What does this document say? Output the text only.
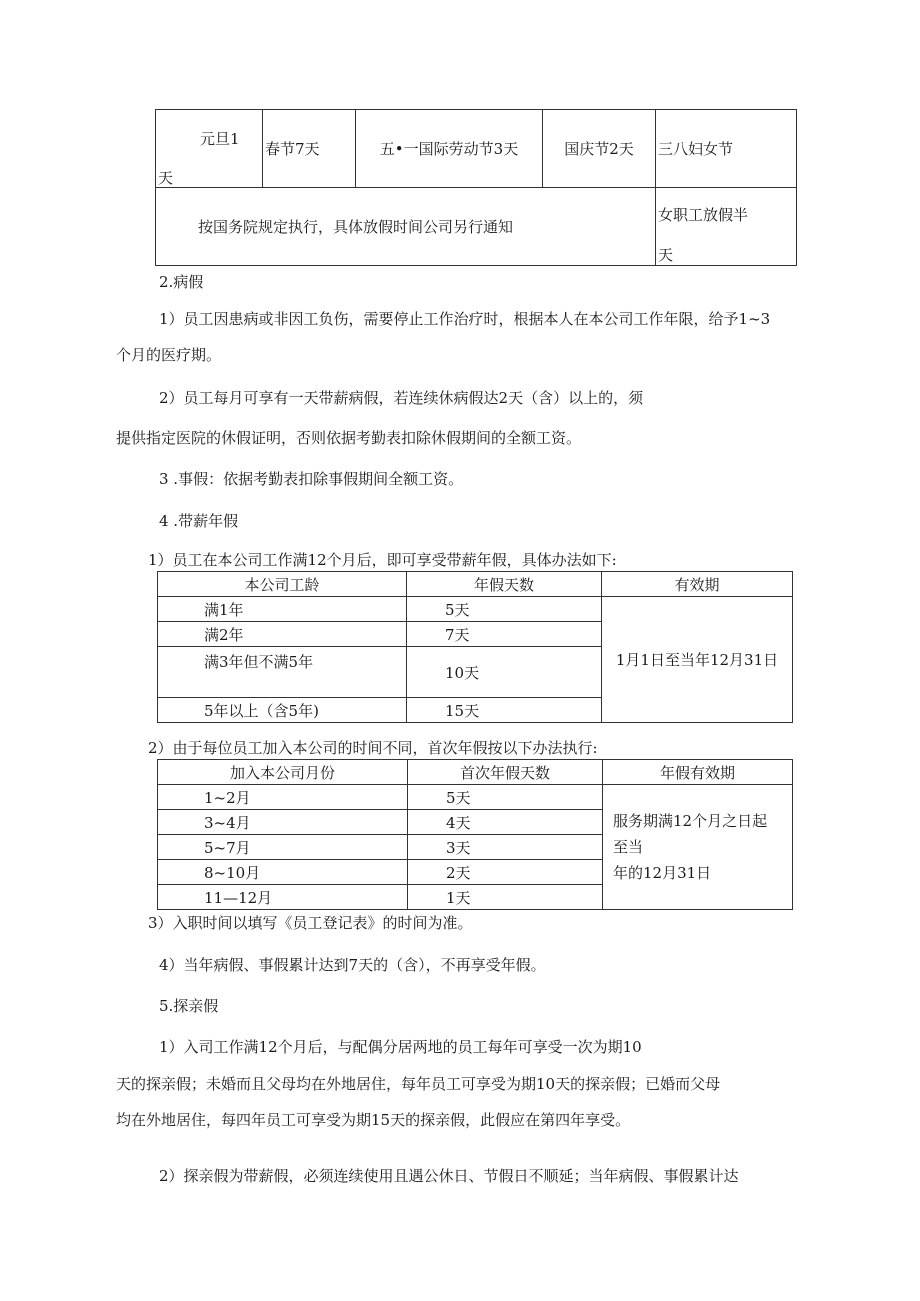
元旦1
天	春节7天	五•一国际劳动节3天	国庆节2天	三八妇女节
按国务院规定执行，具体放假时间公司另行通知				女职工放假半
天
2.病假
1）员工因患病或非因工负伤，需要停止工作治疗时，根据本人在本公司工作年限，给予1~3
个月的医疗期。
2）员工每月可享有一天带薪病假，若连续休病假达2天（含）以上的，须
提供指定医院的休假证明，否则依据考勤表扣除休假期间的全额工资。
3 .事假：依据考勤表扣除事假期间全额工资。
4 .带薪年假
1）员工在本公司工作满12个月后，即可享受带薪年假，具体办法如下:
本公司工龄	年假天数	有效期
满1年	5天	1月1日至当年12月31日
满2年	7天	
满3年但不满5年	10天	
5年以上（含5年)	15天	
2）由于每位员工加入本公司的时间不同，首次年假按以下办法执行:
加入本公司月份	首次年假天数	年假有效期
1~2月	5天	服务期满12个月之日起至当
年的12月31日

3~4月	4天	
5~7月	3天	
8~10月	2天	
11—12月	1天	
3）入职时间以填写《员工登记表》的时间为准。
4）当年病假、事假累计达到7天的（含），不再享受年假。
5.探亲假
1）入司工作满12个月后，与配偶分居两地的员工每年可享受一次为期10
天的探亲假；未婚而且父母均在外地居住，每年员工可享受为期10天的探亲假；已婚而父母
均在外地居住，每四年员工可享受为期15天的探亲假，此假应在第四年享受。
2）探亲假为带薪假，必须连续使用且遇公休日、节假日不顺延；当年病假、事假累计达
